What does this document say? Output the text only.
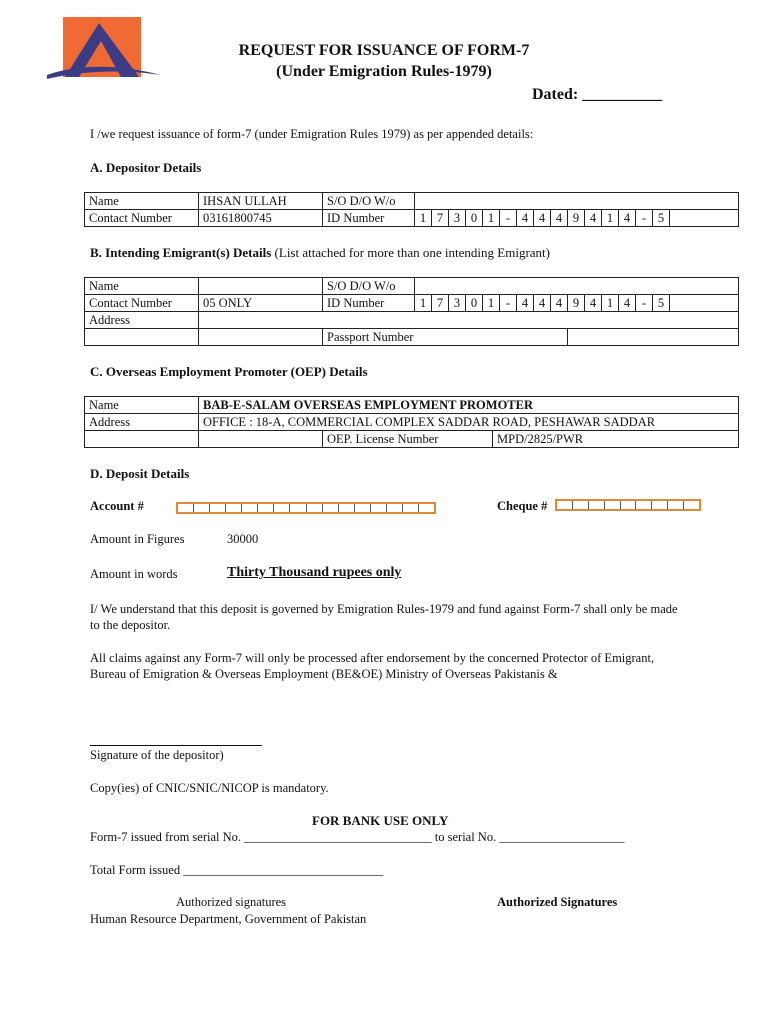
REQUEST FOR ISSUANCE OF FORM-7
(Under Emigration Rules-1979)
Dated: __________
I /we request issuance of form-7 (under Emigration Rules 1979) as per appended details:
A. Depositor Details
Name	IHSAN ULLAH	S/O D/O W/o																
Contact Number	03161800745	ID Number	1	7	3	0	1	-	4	4	4	9	4	1	4	-	5	
B. Intending Emigrant(s) Details (List attached for more than one intending Emigrant)
Name		S/O D/O W/o																
Contact Number	05 ONLY	ID Number	1	7	3	0	1	-	4	4	4	9	4	1	4	-	5	
Address																		
		Passport Number																
C. Overseas Employment Promoter (OEP) Details
Name	BAB-E-SALAM OVERSEAS EMPLOYMENT PROMOTER		
Address	OFFICE : 18-A, COMMERCIAL COMPLEX SADDAR ROAD, PESHAWAR SADDAR		
		OEP. License Number	MPD/2825/PWR
D. Deposit Details
Account #	Cheque #
Amount in Figures	30000
Amount in words	Thirty Thousand rupees only
I/ We understand that this deposit is governed by Emigration Rules-1979 and fund against Form-7 shall only be made to the depositor.
All claims against any Form-7 will only be processed after endorsement by the concerned Protector of Emigrant, Bureau of Emigration & Overseas Employment (BE&OE) Ministry of Overseas Pakistanis &
Signature of the depositor)
Copy(ies) of CNIC/SNIC/NICOP is mandatory.
FOR BANK USE ONLY
Form-7 issued from serial No. ______________________________ to serial No. ____________________
Total Form issued ________________________________
Authorized signatures	Authorized Signatures
Human Resource Department, Government of Pakistan
